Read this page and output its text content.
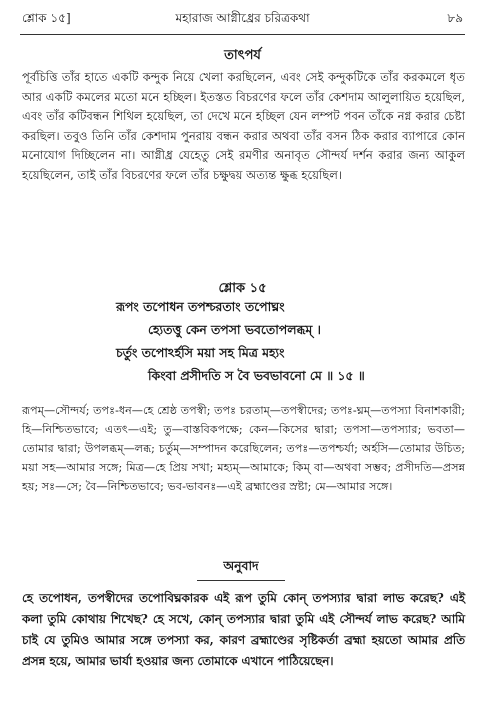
শ্লোক ১৫]	মহারাজ আগ্নীধ্রের চরিত্রকথা	৮৯
তাৎপর্য
পূর্বচিত্তি তাঁর হাতে একটি কন্দুক নিয়ে খেলা করছিলেন, এবং সেই কন্দুকটিকে তাঁর করকমলে ধৃত আর একটি কমলের মতো মনে হচ্ছিল। ইতস্তত বিচরণের ফলে তাঁর কেশদাম আলুলায়িত হয়েছিল, এবং তাঁর কটিবন্ধন শিথিল হয়েছিল, তা দেখে মনে হচ্ছিল যেন লম্পট পবন তাঁকে নগ্ন করার চেষ্টা করছিল। তবুও তিনি তাঁর কেশদাম পুনরায় বন্ধন করার অথবা তাঁর বসন ঠিক করার ব্যাপারে কোন মনোযোগ দিচ্ছিলেন না। আগ্নীধ্র যেহেতু সেই রমণীর অনাবৃত সৌন্দর্য দর্শন করার জন্য আকুল হয়েছিলেন, তাই তাঁর বিচরণের ফলে তাঁর চক্ষুদ্বয় অত্যন্ত ক্ষুব্ধ হয়েছিল।
শ্লোক ১৫
রূপং তপোধন তপশ্চরতাং তপোঘ্নং
হ্যেতত্তু কেন তপসা ভবতোপলব্ধম্ ।
চর্তুং তপোঽর্হসি ময়া সহ মিত্র মহ্যং
কিংবা প্রসীদতি স বৈ ভবভাবনো মে ॥ ১৫ ॥
রূপম্—সৌন্দর্য; তপঃ-ধন—হে শ্রেষ্ঠ তপস্বী; তপঃ চরতাম্—তপস্বীদের; তপঃ-ঘ্নম্—তপস্যা বিনাশকারী; হি—নিশ্চিতভাবে; এতৎ—এই; তু—বাস্তবিকপক্ষে; কেন—কিসের দ্বারা; তপসা—তপস্যার; ভবতা—তোমার দ্বারা; উপলব্ধম্—লব্ধ; চর্তুম্—সম্পাদন করেছিলেন; তপঃ—তপশ্চর্যা; অর্হসি—তোমার উচিত; ময়া সহ—আমার সঙ্গে; মিত্র—হে প্রিয় সখা; মহ্যম্—আমাকে; কিম্ বা—অথবা সম্ভব; প্রসীদতি—প্রসন্ন হয়; সঃ—সে; বৈ—নিশ্চিতভাবে; ভব-ভাবনঃ—এই ব্রহ্মাণ্ডের স্রষ্টা; মে—আমার সঙ্গে।
অনুবাদ
হে তপোধন, তপস্বীদের তপোবিঘ্নকারক এই রূপ তুমি কোন্ তপস্যার দ্বারা লাভ করেছ? এই কলা তুমি কোথায় শিখেছ? হে সখে, কোন্ তপস্যার দ্বারা তুমি এই সৌন্দর্য লাভ করেছ? আমি চাই যে তুমিও আমার সঙ্গে তপস্যা কর, কারণ ব্রহ্মাণ্ডের সৃষ্টিকর্তা ব্রহ্মা হয়তো আমার প্রতি প্রসন্ন হয়ে, আমার ভার্যা হওয়ার জন্য তোমাকে এখানে পাঠিয়েছেন।
